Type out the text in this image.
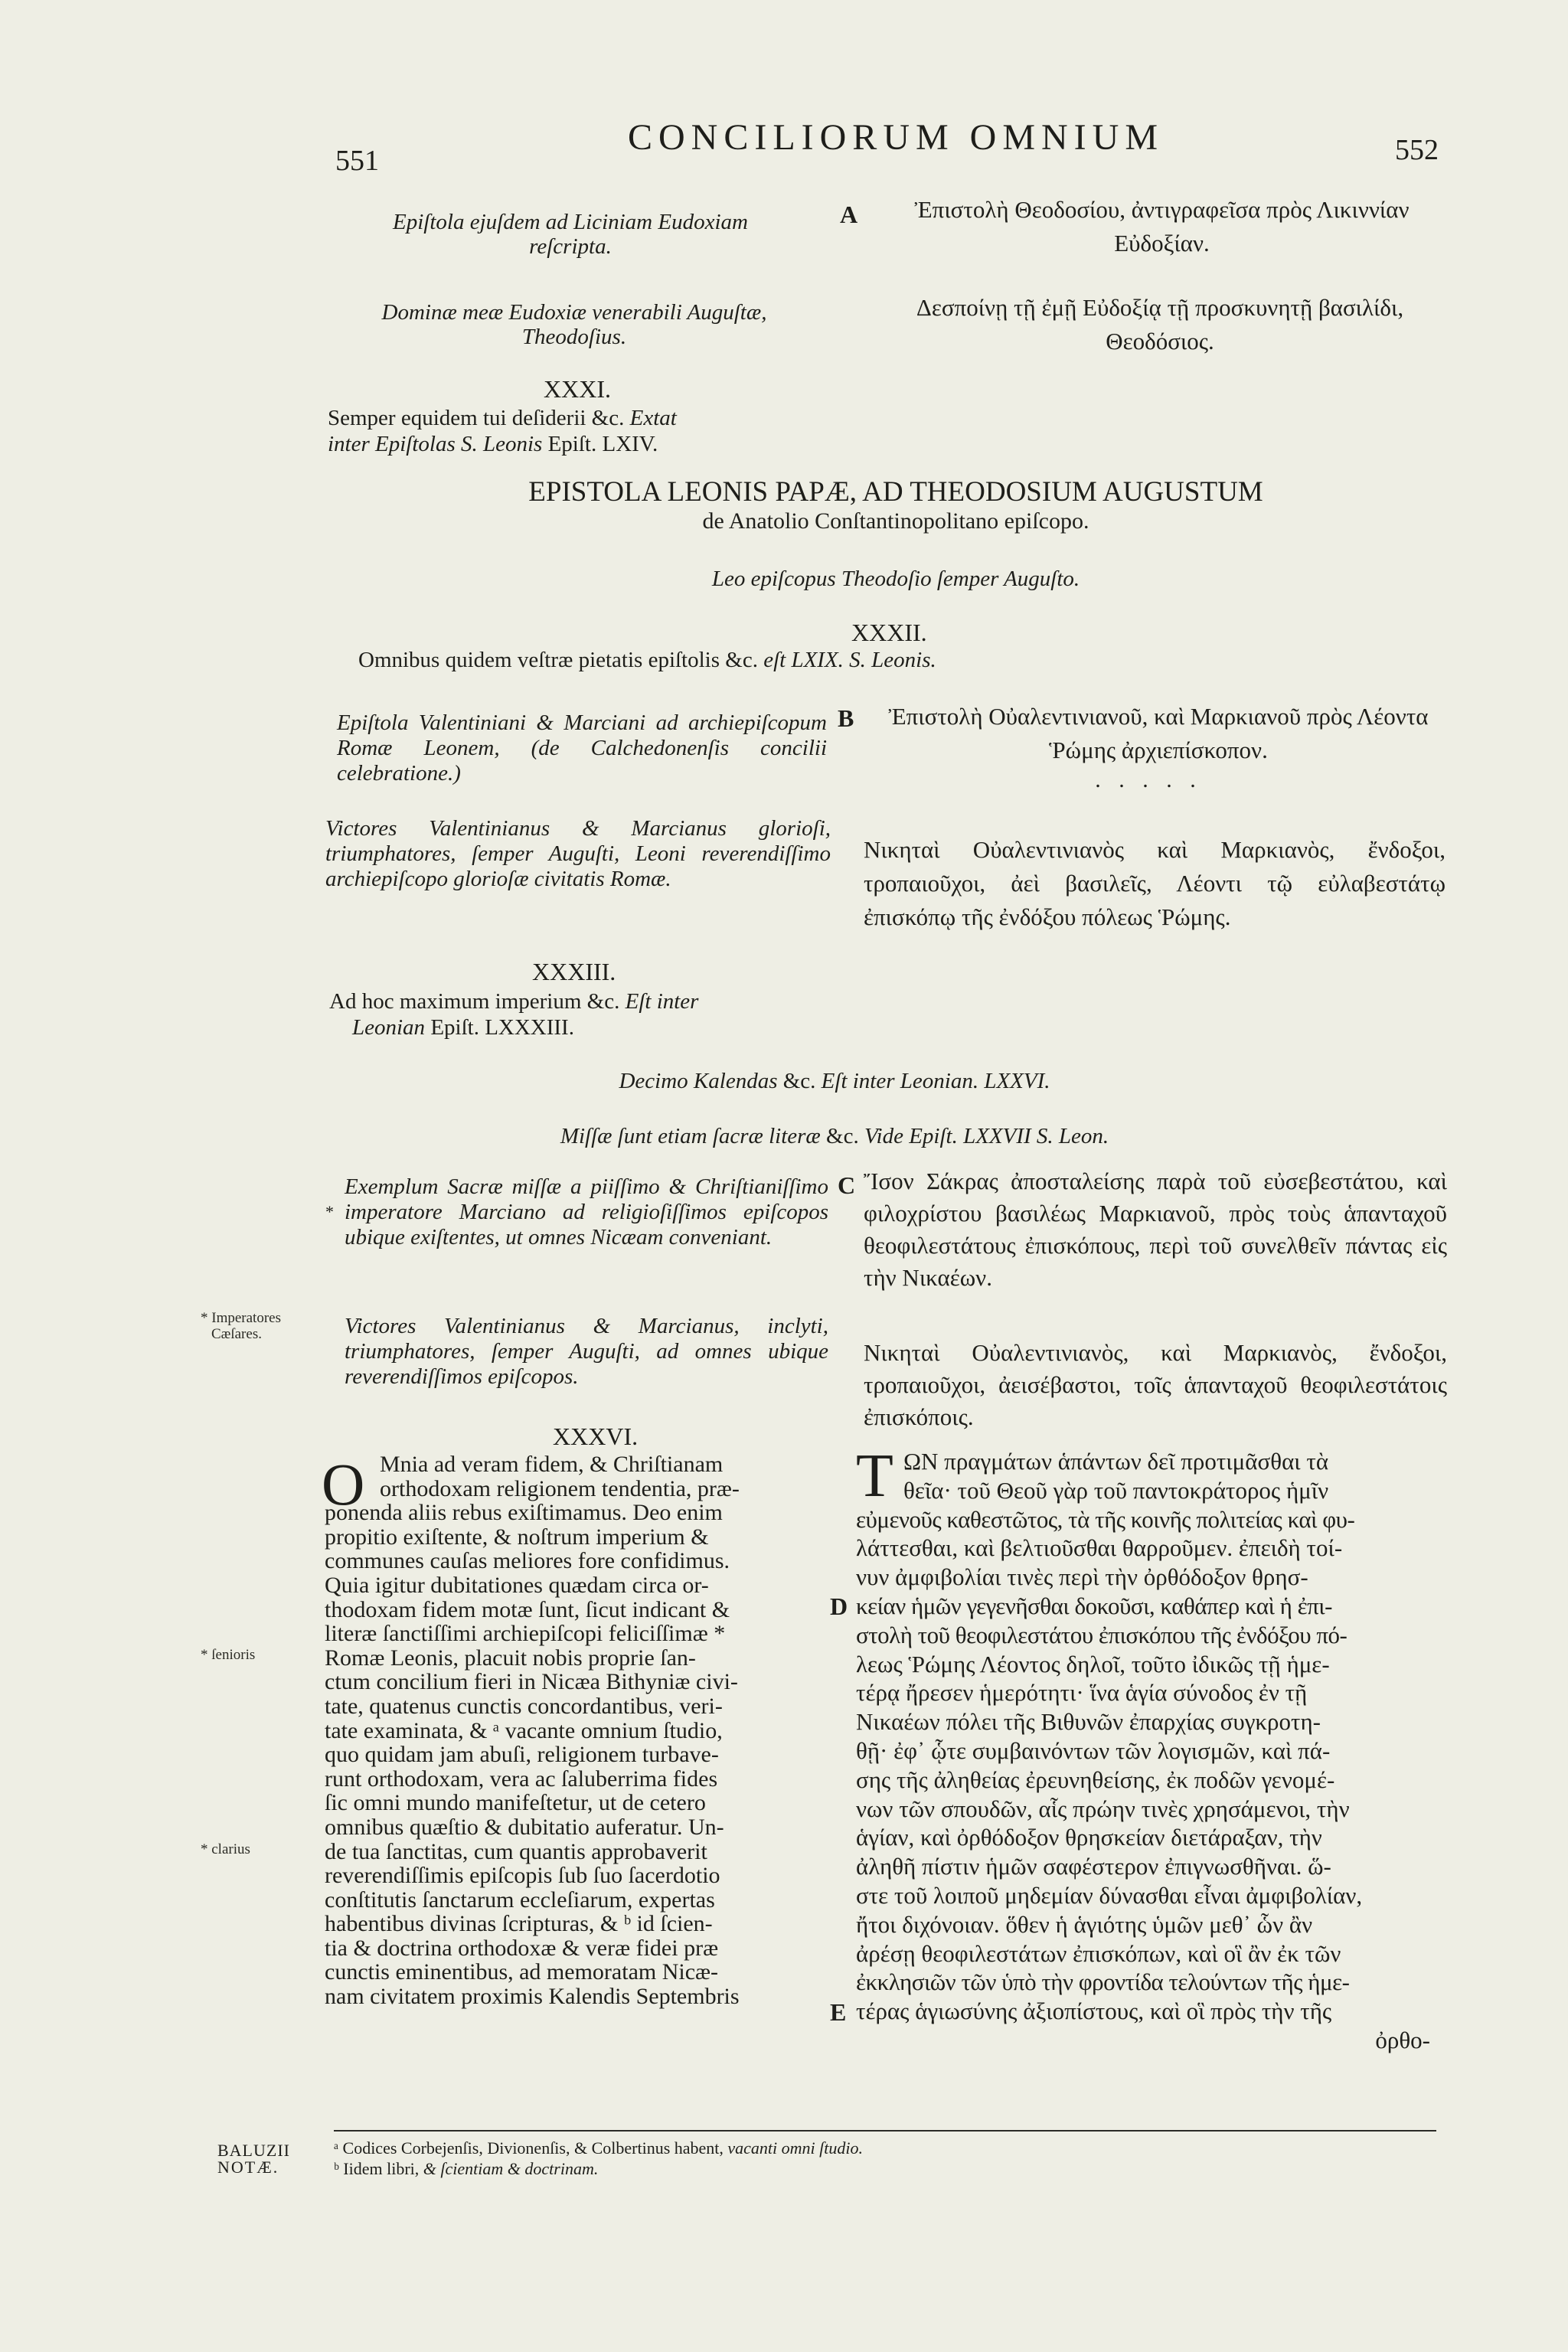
551
CONCILIORUM OMNIUM	552
Epiſtola ejuſdem ad Liciniam Eudoxiam reſcripta.
A	Ἐπιστολὴ Θεοδοσίου, ἀντιγραφεῖσα πρὸς Λικιννίαν Εὐδοξίαν.
Dominæ meæ Eudoxiæ venerabili Auguſtæ, Theodoſius.
Δεσποίνῃ τῇ ἐμῇ Εὐδοξίᾳ τῇ προσκυνητῇ βασιλίδι, Θεοδόσιος.
XXXI.
Semper equidem tui deſiderii &c. Extat
inter Epiſtolas S. Leonis Epiſt. LXIV.
EPISTOLA LEONIS PAPÆ, AD THEODOSIUM AUGUSTUM
de Anatolio Conſtantinopolitano epiſcopo.
Leo epiſcopus Theodoſio ſemper Auguſto.
XXXII.
Omnibus quidem veſtræ pietatis epiſtolis &c. eſt LXIX. S. Leonis.
Epiſtola Valentiniani & Marciani ad archiepiſcopum Romæ Leonem, (de Calchedonenſis concilii celebratione.)
B	Ἐπιστολὴ Οὐαλεντινιανοῦ, καὶ Μαρκιανοῦ πρὸς Λέοντα Ῥώμης ἀρχιεπίσκοπον.
. . . . .
Victores Valentinianus & Marcianus glorioſi, triumphatores, ſemper Auguſti, Leoni reverendiſſimo archiepiſcopo glorioſæ civitatis Romæ.
Νικηταὶ Οὐαλεντινιανὸς καὶ Μαρκιανὸς, ἔνδοξοι, τροπαιοῦχοι, ἀεὶ βασιλεῖς, Λέοντι τῷ εὐλαβεστάτῳ ἐπισκόπῳ τῆς ἐνδόξου πόλεως Ῥώμης.
XXXIII.
Ad hoc maximum imperium &c. Eſt inter
Leonian Epiſt. LXXXIII.
Decimo Kalendas &c. Eſt inter Leonian. LXXVI.
Miſſæ ſunt etiam ſacræ literæ &c. Vide Epiſt. LXXVII S. Leon.
Exemplum Sacræ miſſæ a piiſſimo & Chriſtianiſſimo imperatore Marciano ad religioſiſſimos epiſcopos ubique exiſtentes, ut omnes Nicæam conveniant.
*
C Ἴσον Σάκρας ἀποσταλείσης παρὰ τοῦ εὐσεβεστάτου, καὶ φιλοχρίστου βασιλέως Μαρκιανοῦ, πρὸς τοὺς ἁπανταχοῦ θεοφιλεστάτους ἐπισκόπους, περὶ τοῦ συνελθεῖν πάντας εἰς τὴν Νικαέων.
Victores Valentinianus & Marcianus, inclyti, triumphatores, ſemper Auguſti, ad omnes ubique reverendiſſimos epiſcopos.
Νικηταὶ Οὐαλεντινιανὸς, καὶ Μαρκιανὸς, ἔνδοξοι, τροπαιοῦχοι, ἀεισέβαστοι, τοῖς ἁπανταχοῦ θεοφιλεστάτοις ἐπισκόποις.
XXXVI.
O Mnia ad veram fidem, & Chriſtianam
orthodoxam religionem tendentia, præ-
ponenda aliis rebus exiſtimamus. Deo enim
propitio exiſtente, & noſtrum imperium &
communes cauſas meliores fore confidimus.
Quia igitur dubitationes quædam circa or-
thodoxam fidem motæ ſunt, ſicut indicant &
literæ ſanctiſſimi archiepiſcopi feliciſſimæ *
Romæ Leonis, placuit nobis proprie ſan-
ctum concilium fieri in Nicæa Bithyniæ civi-
tate, quatenus cunctis concordantibus, veri-
tate examinata, & ᵃ vacante omnium ſtudio,
quo quidam jam abuſi, religionem turbave-
runt orthodoxam, vera ac ſaluberrima fides
ſic omni mundo manifeſtetur, ut de cetero
omnibus quæſtio & dubitatio auferatur. Un-
de tua ſanctitas, cum quantis approbaverit
reverendiſſimis epiſcopis ſub ſuo ſacerdotio
conſtitutis ſanctarum eccleſiarum, expertas
habentibus divinas ſcripturas, & ᵇ id ſcien-
tia & doctrina orthodoxæ & veræ fidei præ
cunctis eminentibus, ad memoratam Nicæ-
nam civitatem proximis Kalendis Septembris
D
E
Τ ΩΝ πραγμάτων ἁπάντων δεῖ προτιμᾶσθαι τὰ
θεῖα· τοῦ Θεοῦ γὰρ τοῦ παντοκράτορος ἡμῖν
εὐμενοῦς καθεστῶτος, τὰ τῆς κοινῆς πολιτείας καὶ φυ-
λάττεσθαι, καὶ βελτιοῦσθαι θαρροῦμεν. ἐπειδὴ τοί-
νυν ἀμφιβολίαι τινὲς περὶ τὴν ὀρθόδοξον θρησ-
κείαν ἡμῶν γεγενῆσθαι δοκοῦσι, καθάπερ καὶ ἡ ἐπι-
στολὴ τοῦ θεοφιλεστάτου ἐπισκόπου τῆς ἐνδόξου πό-
λεως Ῥώμης Λέοντος δηλοῖ, τοῦτο ἰδικῶς τῇ ἡμε-
τέρᾳ ἤρεσεν ἡμερότητι· ἵνα ἁγία σύνοδος ἐν τῇ
Νικαέων πόλει τῆς Βιθυνῶν ἐπαρχίας συγκροτη-
θῇ· ἐφ᾽ ᾧτε συμβαινόντων τῶν λογισμῶν, καὶ πά-
σης τῆς ἀληθείας ἐρευνηθείσης, ἐκ ποδῶν γενομέ-
νων τῶν σπουδῶν, αἷς πρώην τινὲς χρησάμενοι, τὴν
ἁγίαν, καὶ ὀρθόδοξον θρησκείαν διετάραξαν, τὴν
ἀληθῆ πίστιν ἡμῶν σαφέστερον ἐπιγνωσθῆναι. ὥ-
στε τοῦ λοιποῦ μηδεμίαν δύνασθαι εἶναι ἀμφιβολίαν,
ἤτοι διχόνοιαν. ὅθεν ἡ ἁγιότης ὑμῶν μεθ᾽ ὧν ἂν
ἀρέσῃ θεοφιλεστάτων ἐπισκόπων, καὶ οἳ ἂν ἐκ τῶν
ἐκκλησιῶν τῶν ὑπὸ τὴν φροντίδα τελούντων τῆς ἡμε-
τέρας ἁγιωσύνης ἀξιοπίστους, καὶ οἳ πρὸς τὴν τῆς
ὀρθο-
* Imperatores
Cæſares.
* ſenioris
* clarius
BALUZII
NOTÆ.
ᵃ Codices Corbejenſis, Divionenſis, & Colbertinus habent, vacanti omni ſtudio.
ᵇ Iidem libri, & ſcientiam & doctrinam.
